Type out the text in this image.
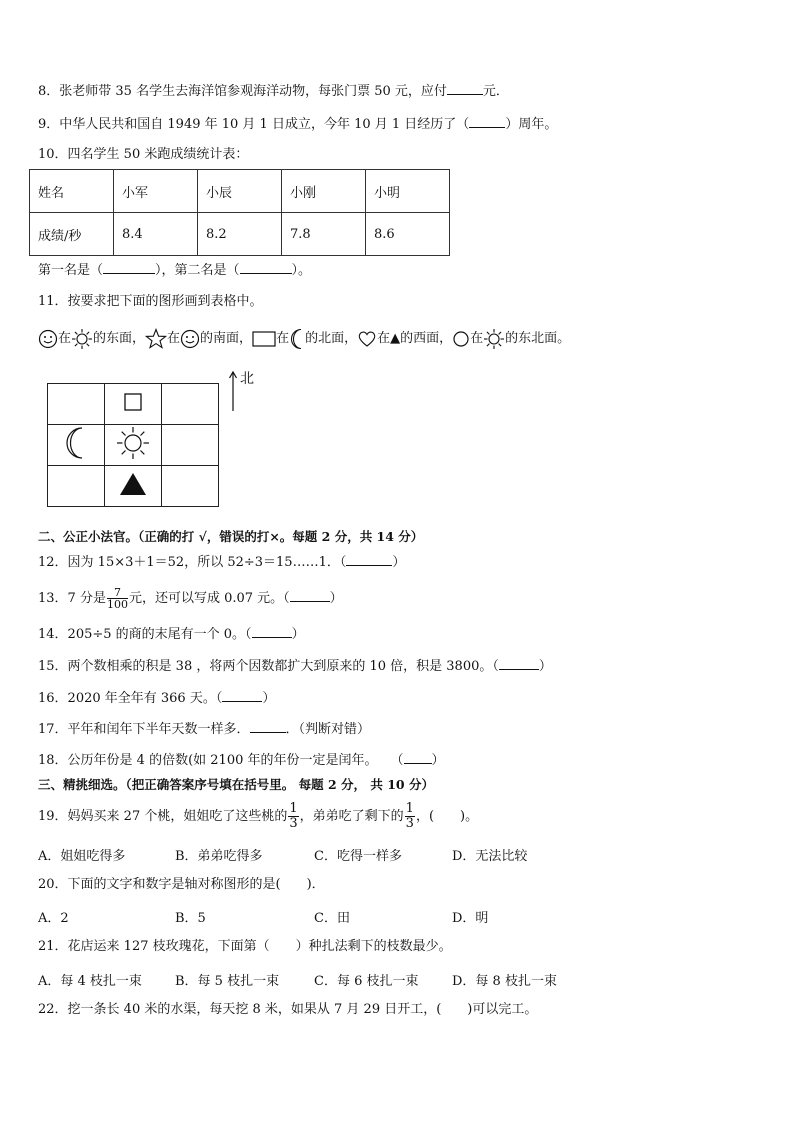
8．张老师带 35 名学生去海洋馆参观海洋动物，每张门票 50 元，应付	元．
9．中华人民共和国自 1949 年 10 月 1 日成立，今年 10 月 1 日经历了（	）周年。
10．四名学生 50 米跑成绩统计表：
姓名	小军	小辰	小刚	小明
成绩/秒	8.4	8.2	7.8	8.6
第一名是（	），第二名是（	）。
11．按要求把下面的图形画到表格中。
在 的东面， 在 的南面， 在 的北面， 在▲的西面， 在 的东北面。

北
二、公正小法官。（正确的打 √，错误的打×。每题 2 分，共 14 分）
12．因为 15×3＋1＝52，所以 52÷3＝15……1．（	）
13．7 分是 $\frac{7}{100}$ 元，还可以写成 0.07 元。（	）
14．205÷5 的商的末尾有一个 0。（	）
15．两个数相乘的积是 38 ，将两个因数都扩大到原来的 10 倍，积是 3800。（	）
16．2020 年全年有 366 天。（	）
17．平年和闰年下半年天数一样多．	．（判断对错）
18．公历年份是 4 的倍数(如 2100 年的年份一定是闰年。　　（ ）
三、精挑细选。（把正确答案序号填在括号里。 每题 2 分， 共 10 分）
19．妈妈买来 27 个桃，姐姐吃了这些桃的 $\frac{1}{3}$ ，弟弟吃了剩下的 $\frac{1}{3}$ ，(　　)。
A．姐姐吃得多	B．弟弟吃得多	C．吃得一样多	D．无法比较
20．下面的文字和数字是轴对称图形的是(　　)．
A．2	B．5	C．田	D．明
21．花店运来 127 枝玫瑰花，下面第（　　）种扎法剩下的枝数最少。
A．每 4 枝扎一束	B．每 5 枝扎一束	C．每 6 枝扎一束	D．每 8 枝扎一束
22．挖一条长 40 米的水渠，每天挖 8 米，如果从 7 月 29 日开工，(　　)可以完工。
